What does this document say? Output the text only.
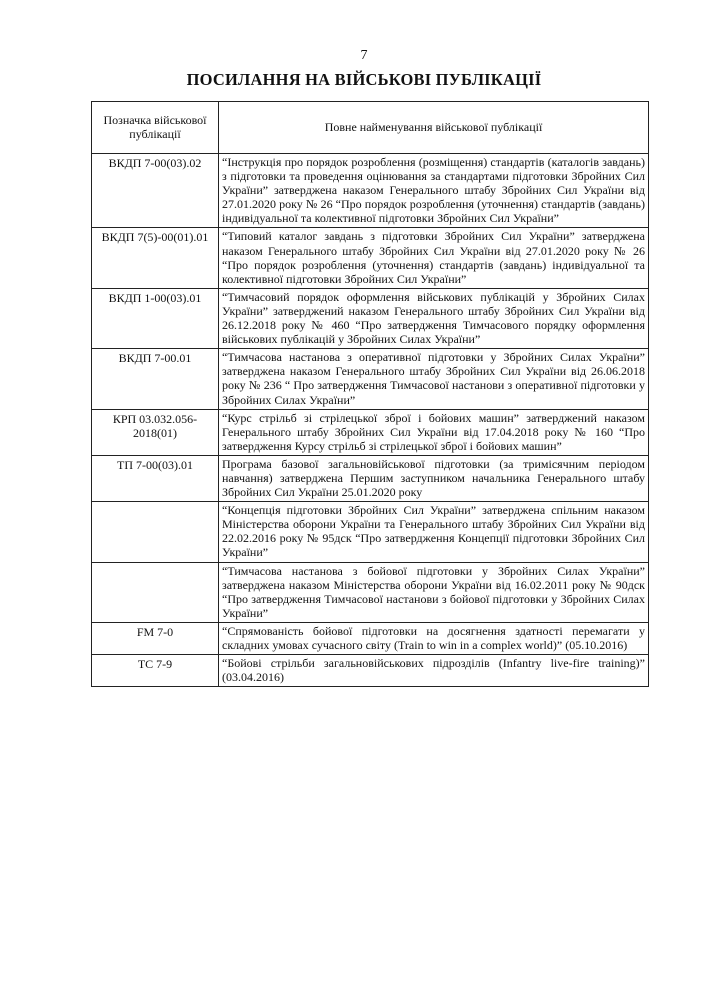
7
ПОСИЛАННЯ НА ВІЙСЬКОВІ ПУБЛІКАЦІЇ
Позначка військової публікації	Повне найменування військової публікації
ВКДП 7-00(03).02	“Інструкція про порядок розроблення (розміщення) стандартів (каталогів завдань) з підготовки та проведення оцінювання за стандартами підготовки Збройних Сил України” затверджена наказом Генерального штабу Збройних Сил України від 27.01.2020 року № 26 “Про порядок розроблення (уточнення) стандартів (завдань) індивідуальної та колективної підготовки Збройних Сил України”
ВКДП 7(5)-00(01).01	“Типовий каталог завдань з підготовки Збройних Сил України” затверджена наказом Генерального штабу Збройних Сил України від 27.01.2020 року № 26 “Про порядок розроблення (уточнення) стандартів (завдань) індивідуальної та колективної підготовки Збройних Сил України”
ВКДП 1-00(03).01	“Тимчасовий порядок оформлення військових публікацій у Збройних Силах України” затверджений наказом Генерального штабу Збройних Сил України від 26.12.2018 року № 460 “Про затвердження Тимчасового порядку оформлення військових публікацій у Збройних Силах України”
ВКДП 7-00.01	“Тимчасова настанова з оперативної підготовки у Збройних Силах України” затверджена наказом Генерального штабу Збройних Сил України від 26.06.2018 року № 236 “ Про затвердження Тимчасової настанови з оперативної підготовки у Збройних Силах України”
КРП 03.032.056-2018(01)	“Курс стрільб зі стрілецької зброї і бойових машин” затверджений наказом Генерального штабу Збройних Сил України від 17.04.2018 року № 160 “Про затвердження Курсу стрільб зі стрілецької зброї і бойових машин”
ТП 7-00(03).01	Програма базової загальновійськової підготовки (за тримісячним періодом навчання) затверджена Першим заступником начальника Генерального штабу Збройних Сил України 25.01.2020 року
	“Концепція підготовки Збройних Сил України” затверджена спільним наказом Міністерства оборони України та Генерального штабу Збройних Сил України від 22.02.2016 року № 95дск “Про затвердження Концепції підготовки Збройних Сил України”
	“Тимчасова настанова з бойової підготовки у Збройних Силах України” затверджена наказом Міністерства оборони України від 16.02.2011 року № 90дск “Про затвердження Тимчасової настанови з бойової підготовки у Збройних Силах України”
FM 7-0	“Спрямованість бойової підготовки на досягнення здатності перемагати у складних умовах сучасного світу (Train to win in a complex world)” (05.10.2016)
TC 7-9	“Бойові стрільби загальновійськових підрозділів (Infantry live-fire training)” (03.04.2016)
